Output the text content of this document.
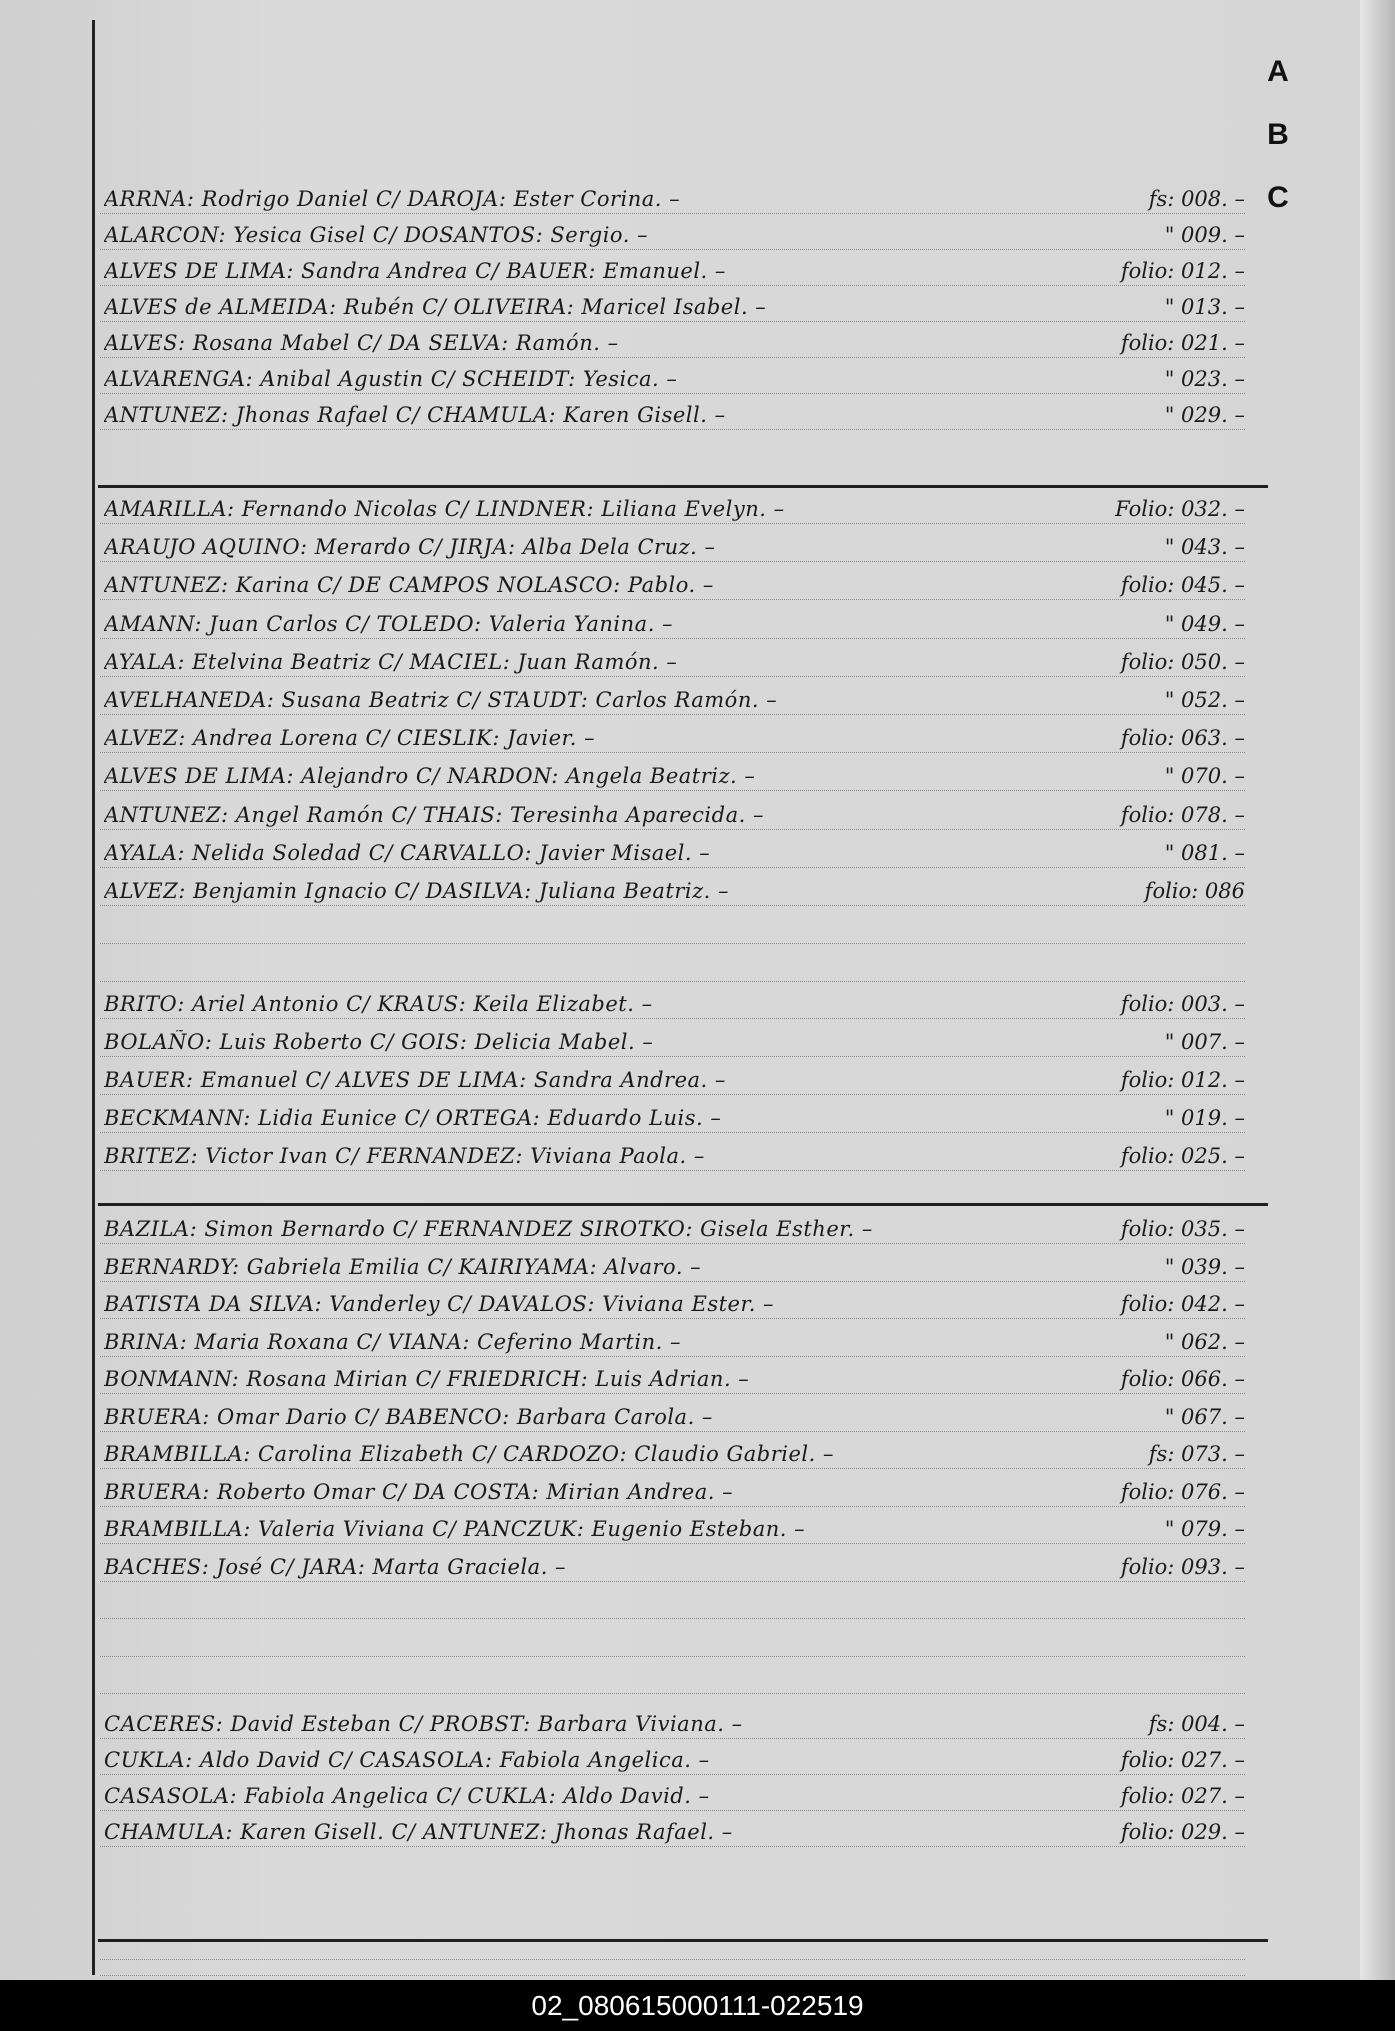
A
B
C
ARRNA: Rodrigo Daniel C/ DAROJA: Ester Corina. –	fs: 008. –
ALARCON: Yesica Gisel C/ DOSANTOS: Sergio. –	" 009. –
ALVES DE LIMA: Sandra Andrea C/ BAUER: Emanuel. –	folio: 012. –
ALVES de ALMEIDA: Rubén C/ OLIVEIRA: Maricel Isabel. –	" 013. –
ALVES: Rosana Mabel C/ DA SELVA: Ramón. –	folio: 021. –
ALVARENGA: Anibal Agustin C/ SCHEIDT: Yesica. –	" 023. –
ANTUNEZ: Jhonas Rafael C/ CHAMULA: Karen Gisell. –	" 029. –
AMARILLA: Fernando Nicolas C/ LINDNER: Liliana Evelyn. –	Folio: 032. –
ARAUJO AQUINO: Merardo C/ JIRJA: Alba Dela Cruz. –	" 043. –
ANTUNEZ: Karina C/ DE CAMPOS NOLASCO: Pablo. –	folio: 045. –
AMANN: Juan Carlos C/ TOLEDO: Valeria Yanina. –	" 049. –
AYALA: Etelvina Beatriz C/ MACIEL: Juan Ramón. –	folio: 050. –
AVELHANEDA: Susana Beatriz C/ STAUDT: Carlos Ramón. –	" 052. –
ALVEZ: Andrea Lorena C/ CIESLIK: Javier. –	folio: 063. –
ALVES DE LIMA: Alejandro C/ NARDON: Angela Beatriz. –	" 070. –
ANTUNEZ: Angel Ramón C/ THAIS: Teresinha Aparecida. –	folio: 078. –
AYALA: Nelida Soledad C/ CARVALLO: Javier Misael. –	" 081. –
ALVEZ: Benjamin Ignacio C/ DASILVA: Juliana Beatriz. –	folio: 086
BRITO: Ariel Antonio C/ KRAUS: Keila Elizabet. –	folio: 003. –
BOLAÑO: Luis Roberto C/ GOIS: Delicia Mabel. –	" 007. –
BAUER: Emanuel C/ ALVES DE LIMA: Sandra Andrea. –	folio: 012. –
BECKMANN: Lidia Eunice C/ ORTEGA: Eduardo Luis. –	" 019. –
BRITEZ: Victor Ivan C/ FERNANDEZ: Viviana Paola. –	folio: 025. –
BAZILA: Simon Bernardo C/ FERNANDEZ SIROTKO: Gisela Esther. –	folio: 035. –
BERNARDY: Gabriela Emilia C/ KAIRIYAMA: Alvaro. –	" 039. –
BATISTA DA SILVA: Vanderley C/ DAVALOS: Viviana Ester. –	folio: 042. –
BRINA: Maria Roxana C/ VIANA: Ceferino Martin. –	" 062. –
BONMANN: Rosana Mirian C/ FRIEDRICH: Luis Adrian. –	folio: 066. –
BRUERA: Omar Dario C/ BABENCO: Barbara Carola. –	" 067. –
BRAMBILLA: Carolina Elizabeth C/ CARDOZO: Claudio Gabriel. –	fs: 073. –
BRUERA: Roberto Omar C/ DA COSTA: Mirian Andrea. –	folio: 076. –
BRAMBILLA: Valeria Viviana C/ PANCZUK: Eugenio Esteban. –	" 079. –
BACHES: José C/ JARA: Marta Graciela. –	folio: 093. –
CACERES: David Esteban C/ PROBST: Barbara Viviana. –	fs: 004. –
CUKLA: Aldo David C/ CASASOLA: Fabiola Angelica. –	folio: 027. –
CASASOLA: Fabiola Angelica C/ CUKLA: Aldo David. –	folio: 027. –
CHAMULA: Karen Gisell. C/ ANTUNEZ: Jhonas Rafael. –	folio: 029. –
02_080615000111-022519
